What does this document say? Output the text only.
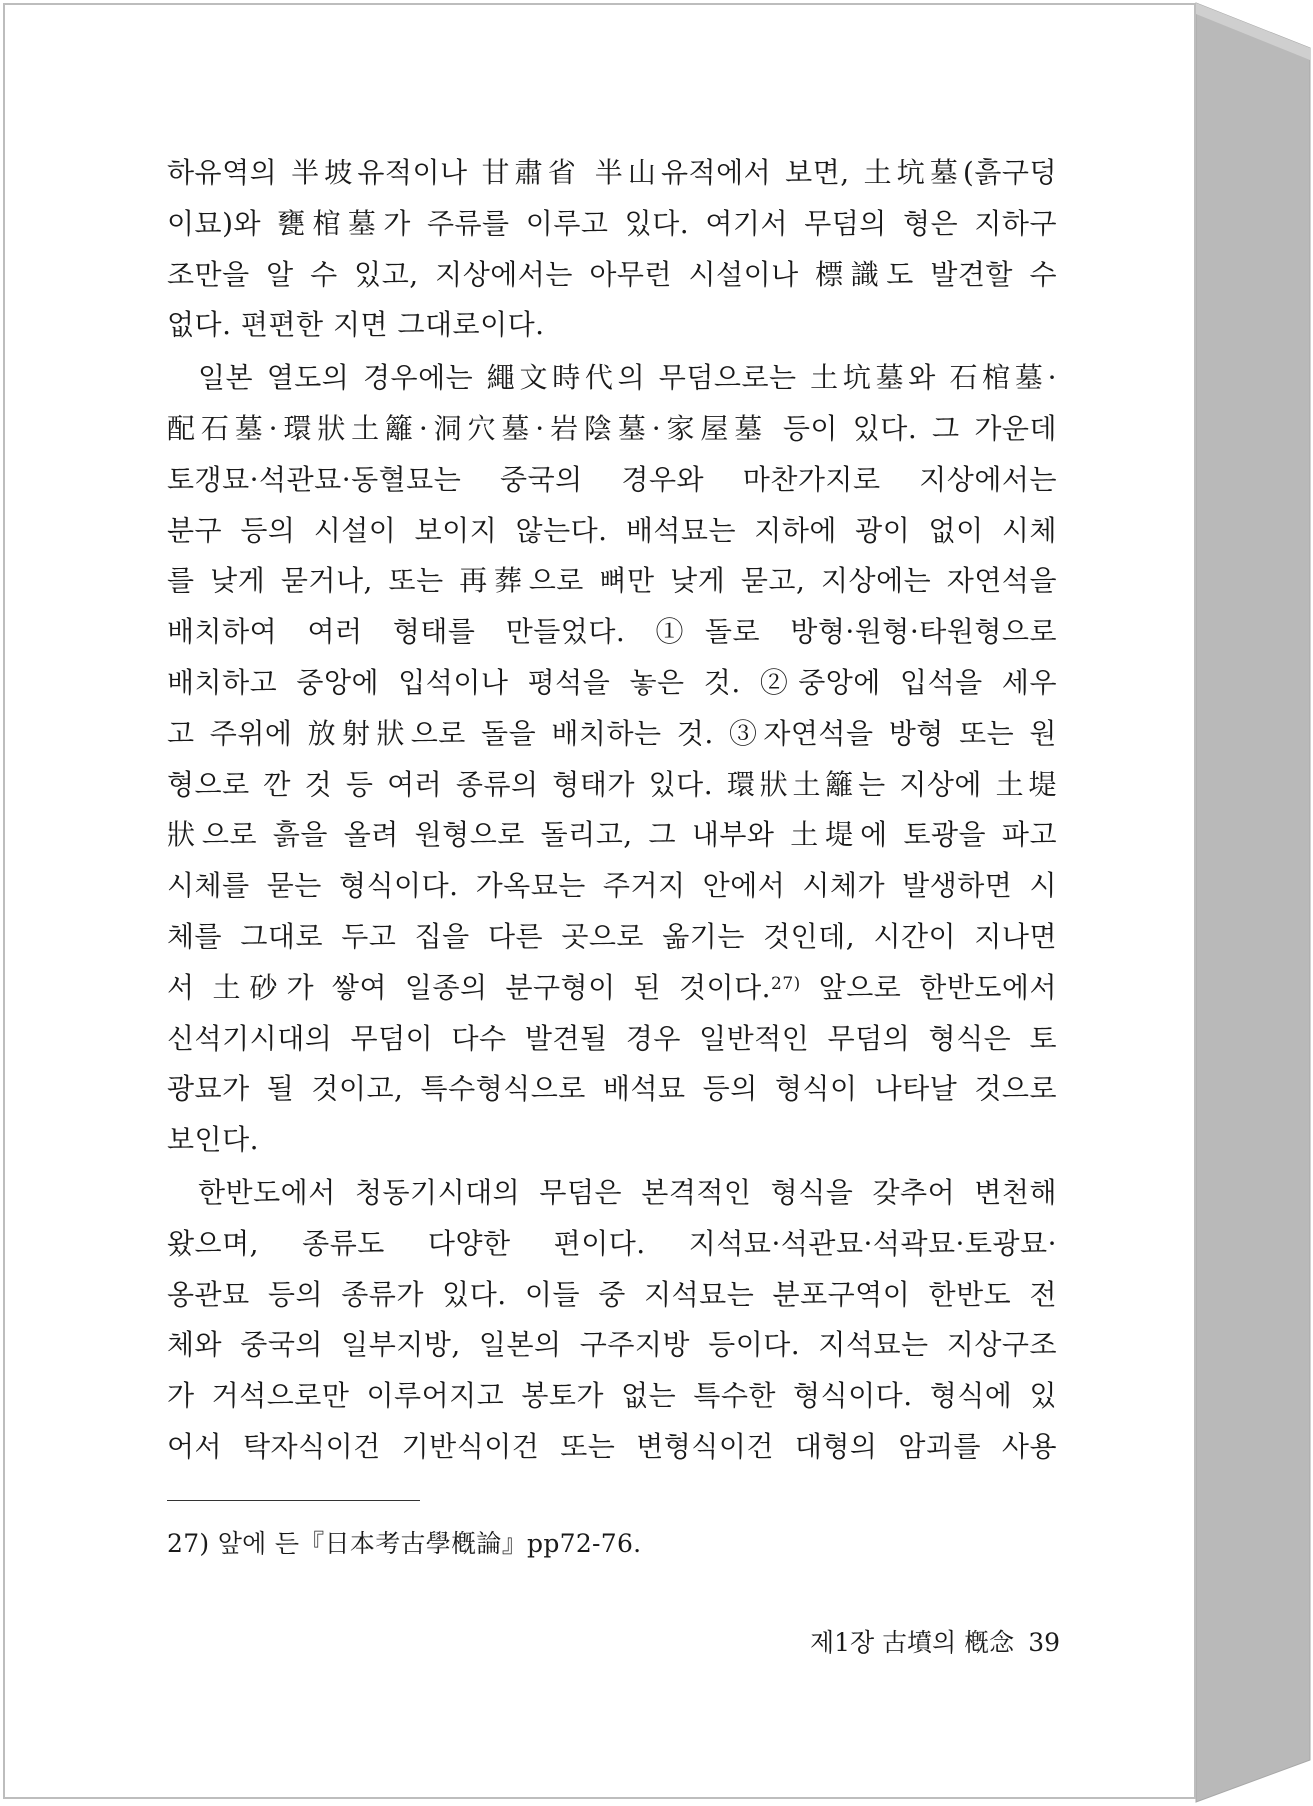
하유역의 半坡유적이나 甘肅省 半山유적에서 보면, 土坑墓(흙구덩
이묘)와 甕棺墓가 주류를 이루고 있다. 여기서 무덤의 형은 지하구
조만을 알 수 있고, 지상에서는 아무런 시설이나 標識도 발견할 수
없다. 편편한 지면 그대로이다.
일본 열도의 경우에는 繩文時代의 무덤으로는 土坑墓와 石棺墓·
配石墓·環狀土籬·洞穴墓·岩陰墓·家屋墓 등이 있다. 그 가운데
토갱묘·석관묘·동혈묘는 중국의 경우와 마찬가지로 지상에서는
분구 등의 시설이 보이지 않는다. 배석묘는 지하에 광이 없이 시체
를 낮게 묻거나, 또는 再葬으로 뼈만 낮게 묻고, 지상에는 자연석을
배치하여 여러 형태를 만들었다. ①돌로 방형·원형·타원형으로
배치하고 중앙에 입석이나 평석을 놓은 것. ②중앙에 입석을 세우
고 주위에 放射狀으로 돌을 배치하는 것. ③자연석을 방형 또는 원
형으로 깐 것 등 여러 종류의 형태가 있다. 環狀土籬는 지상에 土堤
狀으로 흙을 올려 원형으로 돌리고, 그 내부와 土堤에 토광을 파고
시체를 묻는 형식이다. 가옥묘는 주거지 안에서 시체가 발생하면 시
체를 그대로 두고 집을 다른 곳으로 옮기는 것인데, 시간이 지나면
서 土砂가 쌓여 일종의 분구형이 된 것이다.$^{27)}$ 앞으로 한반도에서
신석기시대의 무덤이 다수 발견될 경우 일반적인 무덤의 형식은 토
광묘가 될 것이고, 특수형식으로 배석묘 등의 형식이 나타날 것으로
보인다.
한반도에서 청동기시대의 무덤은 본격적인 형식을 갖추어 변천해
왔으며, 종류도 다양한 편이다. 지석묘·석관묘·석곽묘·토광묘·
옹관묘 등의 종류가 있다. 이들 중 지석묘는 분포구역이 한반도 전
체와 중국의 일부지방, 일본의 구주지방 등이다. 지석묘는 지상구조
가 거석으로만 이루어지고 봉토가 없는 특수한 형식이다. 형식에 있
어서 탁자식이건 기반식이건 또는 변형식이건 대형의 암괴를 사용
27) 앞에 든『日本考古學槪論』pp72-76.
제1장 古墳의 槪念 39
